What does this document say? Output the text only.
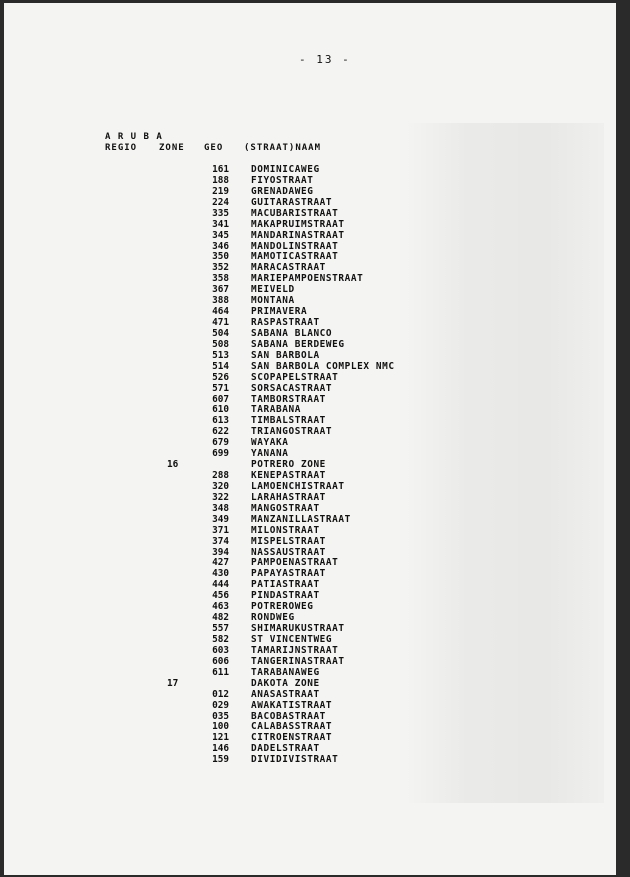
- 13 -
A R U B A
REGIO ZONE GEO (STRAAT)NAAM
161 DOMINICAWEG
188 FIYOSTRAAT
219 GRENADAWEG
224 GUITARASTRAAT
335 MACUBARISTRAAT
341 MAKAPRUIMSTRAAT
345 MANDARINASTRAAT
346 MANDOLINSTRAAT
350 MAMOTICASTRAAT
352 MARACASTRAAT
358 MARIEPAMPOENSTRAAT
367 MEIVELD
388 MONTANA
464 PRIMAVERA
471 RASPASTRAAT
504 SABANA BLANCO
508 SABANA BERDEWEG
513 SAN BARBOLA
514 SAN BARBOLA COMPLEX NMC
526 SCOPAPELSTRAAT
571 SORSACASTRAAT
607 TAMBORSTRAAT
610 TARABANA
613 TIMBALSTRAAT
622 TRIANGOSTRAAT
679 WAYAKA
699 YANANA
16	POTRERO ZONE
288 KENEPASTRAAT
320 LAMOENCHISTRAAT
322 LARAHASTRAAT
348 MANGOSTRAAT
349 MANZANILLASTRAAT
371 MILONSTRAAT
374 MISPELSTRAAT
394 NASSAUSTRAAT
427 PAMPOENASTRAAT
430 PAPAYASTRAAT
444 PATIASTRAAT
456 PINDASTRAAT
463 POTREROWEG
482 RONDWEG
557 SHIMARUKUSTRAAT
582 ST VINCENTWEG
603 TAMARIJNSTRAAT
606 TANGERINASTRAAT
611 TARABANAWEG
17	DAKOTA ZONE
012 ANASASTRAAT
029 AWAKATISTRAAT
035 BACOBASTRAAT
100 CALABASSTRAAT
121 CITROENSTRAAT
146 DADELSTRAAT
159 DIVIDIVISTRAAT
